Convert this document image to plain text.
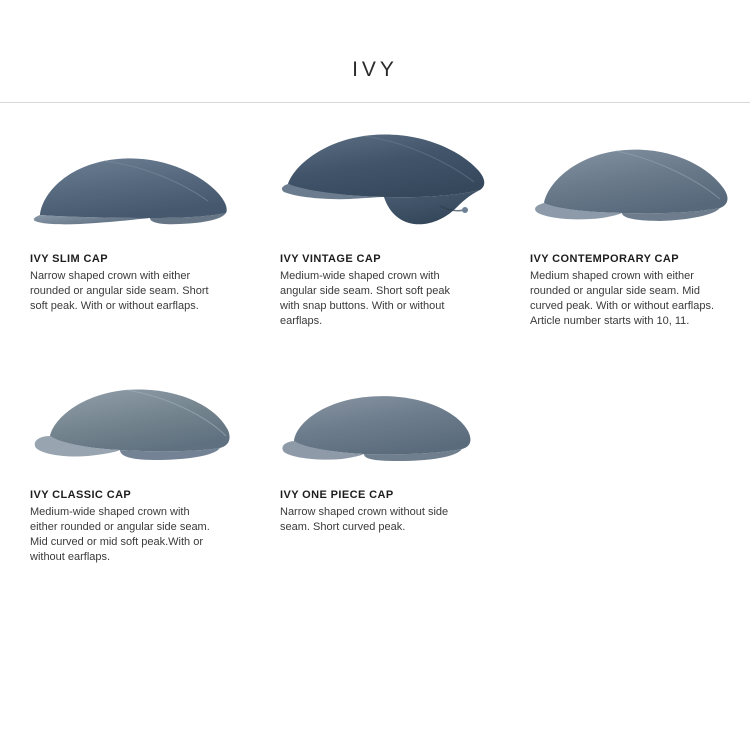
IVY
IVY SLIM CAP
Narrow shaped crown with either rounded or angular side seam. Short soft peak. With or without earflaps.
IVY VINTAGE CAP
Medium-wide shaped crown with angular side seam. Short soft peak with snap buttons. With or without earflaps.
IVY CONTEMPORARY CAP
Medium shaped crown with either rounded or angular side seam. Mid curved peak. With or without earflaps. Article number starts with 10, 11.
IVY CLASSIC CAP
Medium-wide shaped crown with either rounded or angular side seam. Mid curved or mid soft peak.With or without earflaps.
IVY ONE PIECE CAP
Narrow shaped crown without side seam. Short curved peak.
